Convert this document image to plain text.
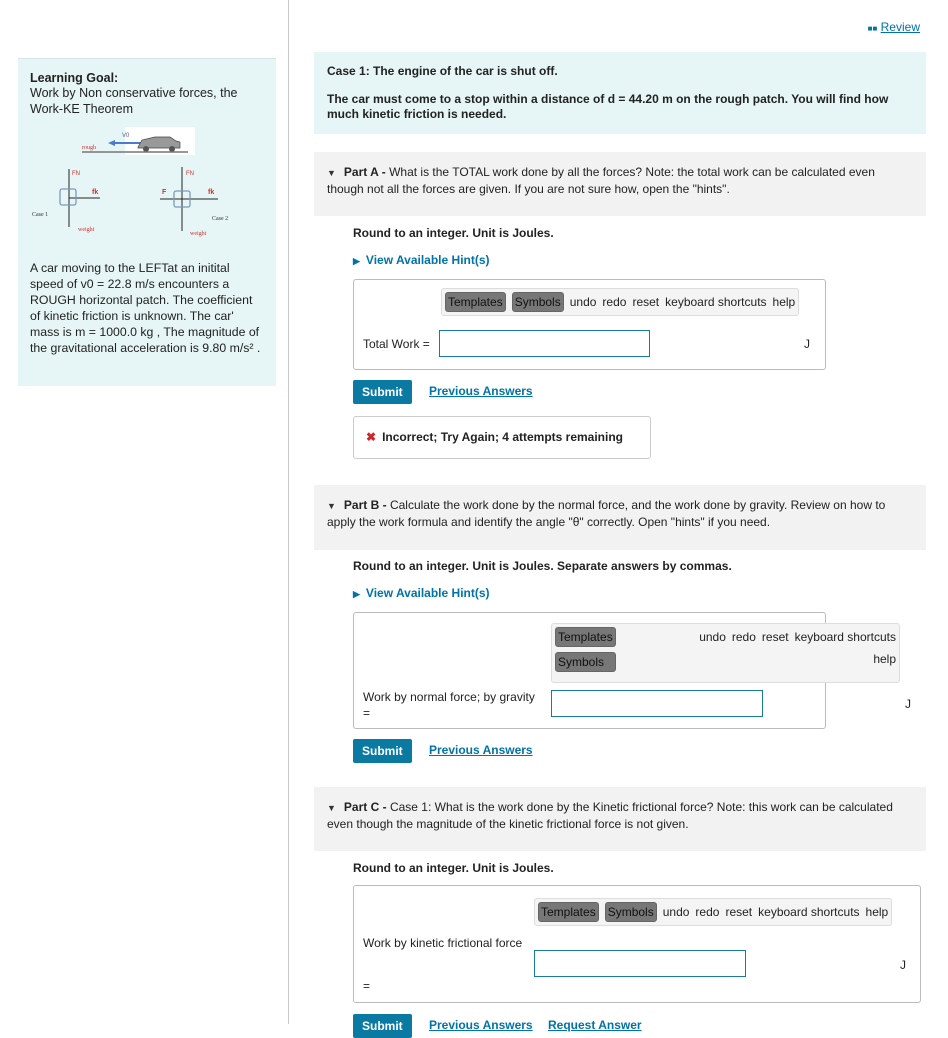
■■ Review
Learning Goal:
Work by Non conservative forces, the Work-KE Theorem
V0
rough
FN
fk
Case 1
weight
FN
F	fk
Case 2
weight

A car moving to the LEFTat an initital speed of v0 = 22.8 m/s encounters a ROUGH horizontal patch. The coefficient of kinetic friction is unknown. The car' mass is m = 1000.0 kg , The magnitude of the gravitational acceleration is 9.80 m/s² .

Case 1: The engine of the car is shut off.
The car must come to a stop within a distance of d = 44.20 m on the rough patch. You will find how much kinetic friction is needed.
▼ Part A - What is the TOTAL work done by all the forces? Note: the total work can be calculated even though not all the forces are given. If you are not sure how, open the "hints".
Round to an integer. Unit is Joules.
▶ View Available Hint(s)
Templates Symbols undo redo reset keyboard shortcuts help
Total Work =	J
Submit	Previous Answers
✖ Incorrect; Try Again; 4 attempts remaining
▼ Part B - Calculate the work done by the normal force, and the work done by gravity. Review on how to apply the work formula and identify the angle "θ" correctly. Open "hints" if you need.
Round to an integer. Unit is Joules. Separate answers by commas.
▶ View Available Hint(s)
Templates
Symbols
undo redo reset keyboard shortcuts
help
Work by normal force; by gravity
=
J
Submit	Previous Answers
▼ Part C - Case 1: What is the work done by the Kinetic frictional force? Note: this work can be calculated even though the magnitude of the kinetic frictional force is not given.
Round to an integer. Unit is Joules.
Templates Symbols undo redo reset keyboard shortcuts help
Work by kinetic frictional force
=
J
Submit	Previous Answers Request Answer
